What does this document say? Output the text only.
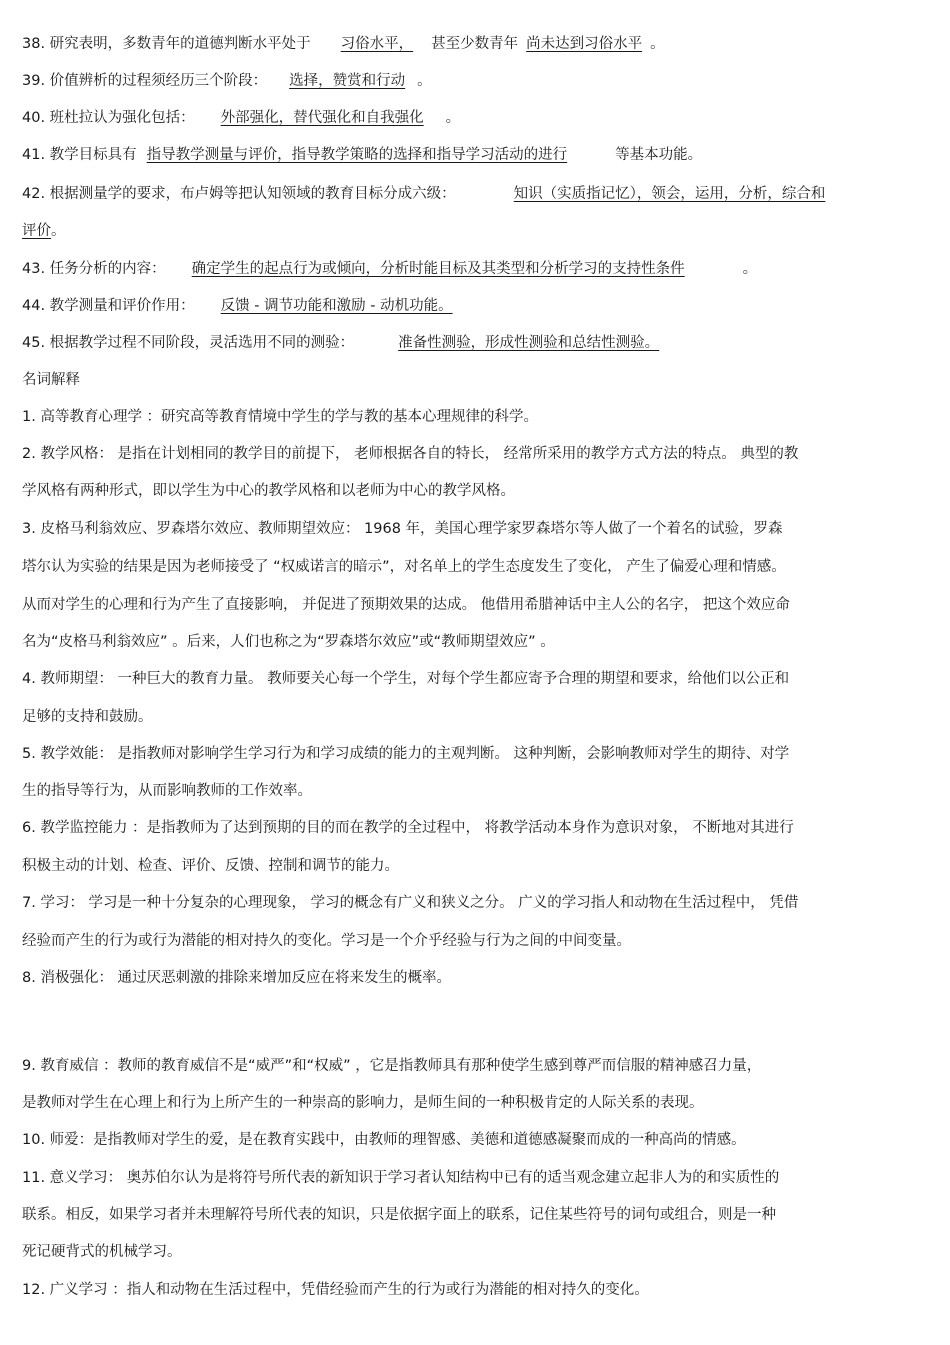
38. 研究表明，多数青年的道德判断水平处于 习俗水平， 甚至少数青年 尚未达到习俗水平 。
39. 价值辨析的过程须经历三个阶段： 选择，赞赏和行动 。
40. 班杜拉认为强化包括： 外部强化，替代强化和自我强化 。
41. 教学目标具有 指导教学测量与评价，指导教学策略的选择和指导学习活动的进行	等基本功能。
42. 根据测量学的要求，布卢姆等把认知领域的教育目标分成六级：	知识（实质指记忆），领会，运用，分析，综合和
评价。
43. 任务分析的内容： 确定学生的起点行为或倾向，分析时能目标及其类型和分析学习的支持性条件	。
44. 教学测量和评价作用： 反馈 - 调节功能和激励 - 动机功能。
45. 根据教学过程不同阶段，灵活选用不同的测验：	准备性测验，形成性测验和总结性测验。
名词解释
1. 高等教育心理学 ：研究高等教育情境中学生的学与教的基本心理规律的科学。
2. 教学风格： 是指在计划相同的教学目的前提下， 老师根据各自的特长， 经常所采用的教学方式方法的特点。 典型的教
学风格有两种形式，即以学生为中心的教学风格和以老师为中心的教学风格。
3. 皮格马利翁效应、罗森塔尔效应、教师期望效应： 1968 年，美国心理学家罗森塔尔等人做了一个着名的试验，罗森
塔尔认为实验的结果是因为老师接受了 “权威诺言的暗示”，对名单上的学生态度发生了变化， 产生了偏爱心理和情感。
从而对学生的心理和行为产生了直接影响， 并促进了预期效果的达成。 他借用希腊神话中主人公的名字， 把这个效应命
名为“皮格马利翁效应” 。后来，人们也称之为“罗森塔尔效应”或“教师期望效应” 。
4. 教师期望： 一种巨大的教育力量。 教师要关心每一个学生，对每个学生都应寄予合理的期望和要求，给他们以公正和
足够的支持和鼓励。
5. 教学效能： 是指教师对影响学生学习行为和学习成绩的能力的主观判断。 这种判断，会影响教师对学生的期待、对学
生的指导等行为，从而影响教师的工作效率。
6. 教学监控能力 ：是指教师为了达到预期的目的而在教学的全过程中， 将教学活动本身作为意识对象， 不断地对其进行
积极主动的计划、检查、评价、反馈、控制和调节的能力。
7. 学习： 学习是一种十分复杂的心理现象， 学习的概念有广义和狭义之分。 广义的学习指人和动物在生活过程中， 凭借
经验而产生的行为或行为潜能的相对持久的变化。学习是一个介乎经验与行为之间的中间变量。
8. 消极强化： 通过厌恶刺激的排除来增加反应在将来发生的概率。
9. 教育威信 ：教师的教育威信不是“威严”和“权威” ，它是指教师具有那种使学生感到尊严而信服的精神感召力量，
是教师对学生在心理上和行为上所产生的一种崇高的影响力，是师生间的一种积极肯定的人际关系的表现。
10. 师爱：是指教师对学生的爱，是在教育实践中，由教师的理智感、美德和道德感凝聚而成的一种高尚的情感。
11. 意义学习： 奥苏伯尔认为是将符号所代表的新知识于学习者认知结构中已有的适当观念建立起非人为的和实质性的
联系。相反，如果学习者并未理解符号所代表的知识，只是依据字面上的联系，记住某些符号的词句或组合，则是一种
死记硬背式的机械学习。
12. 广义学习 ：指人和动物在生活过程中，凭借经验而产生的行为或行为潜能的相对持久的变化。
